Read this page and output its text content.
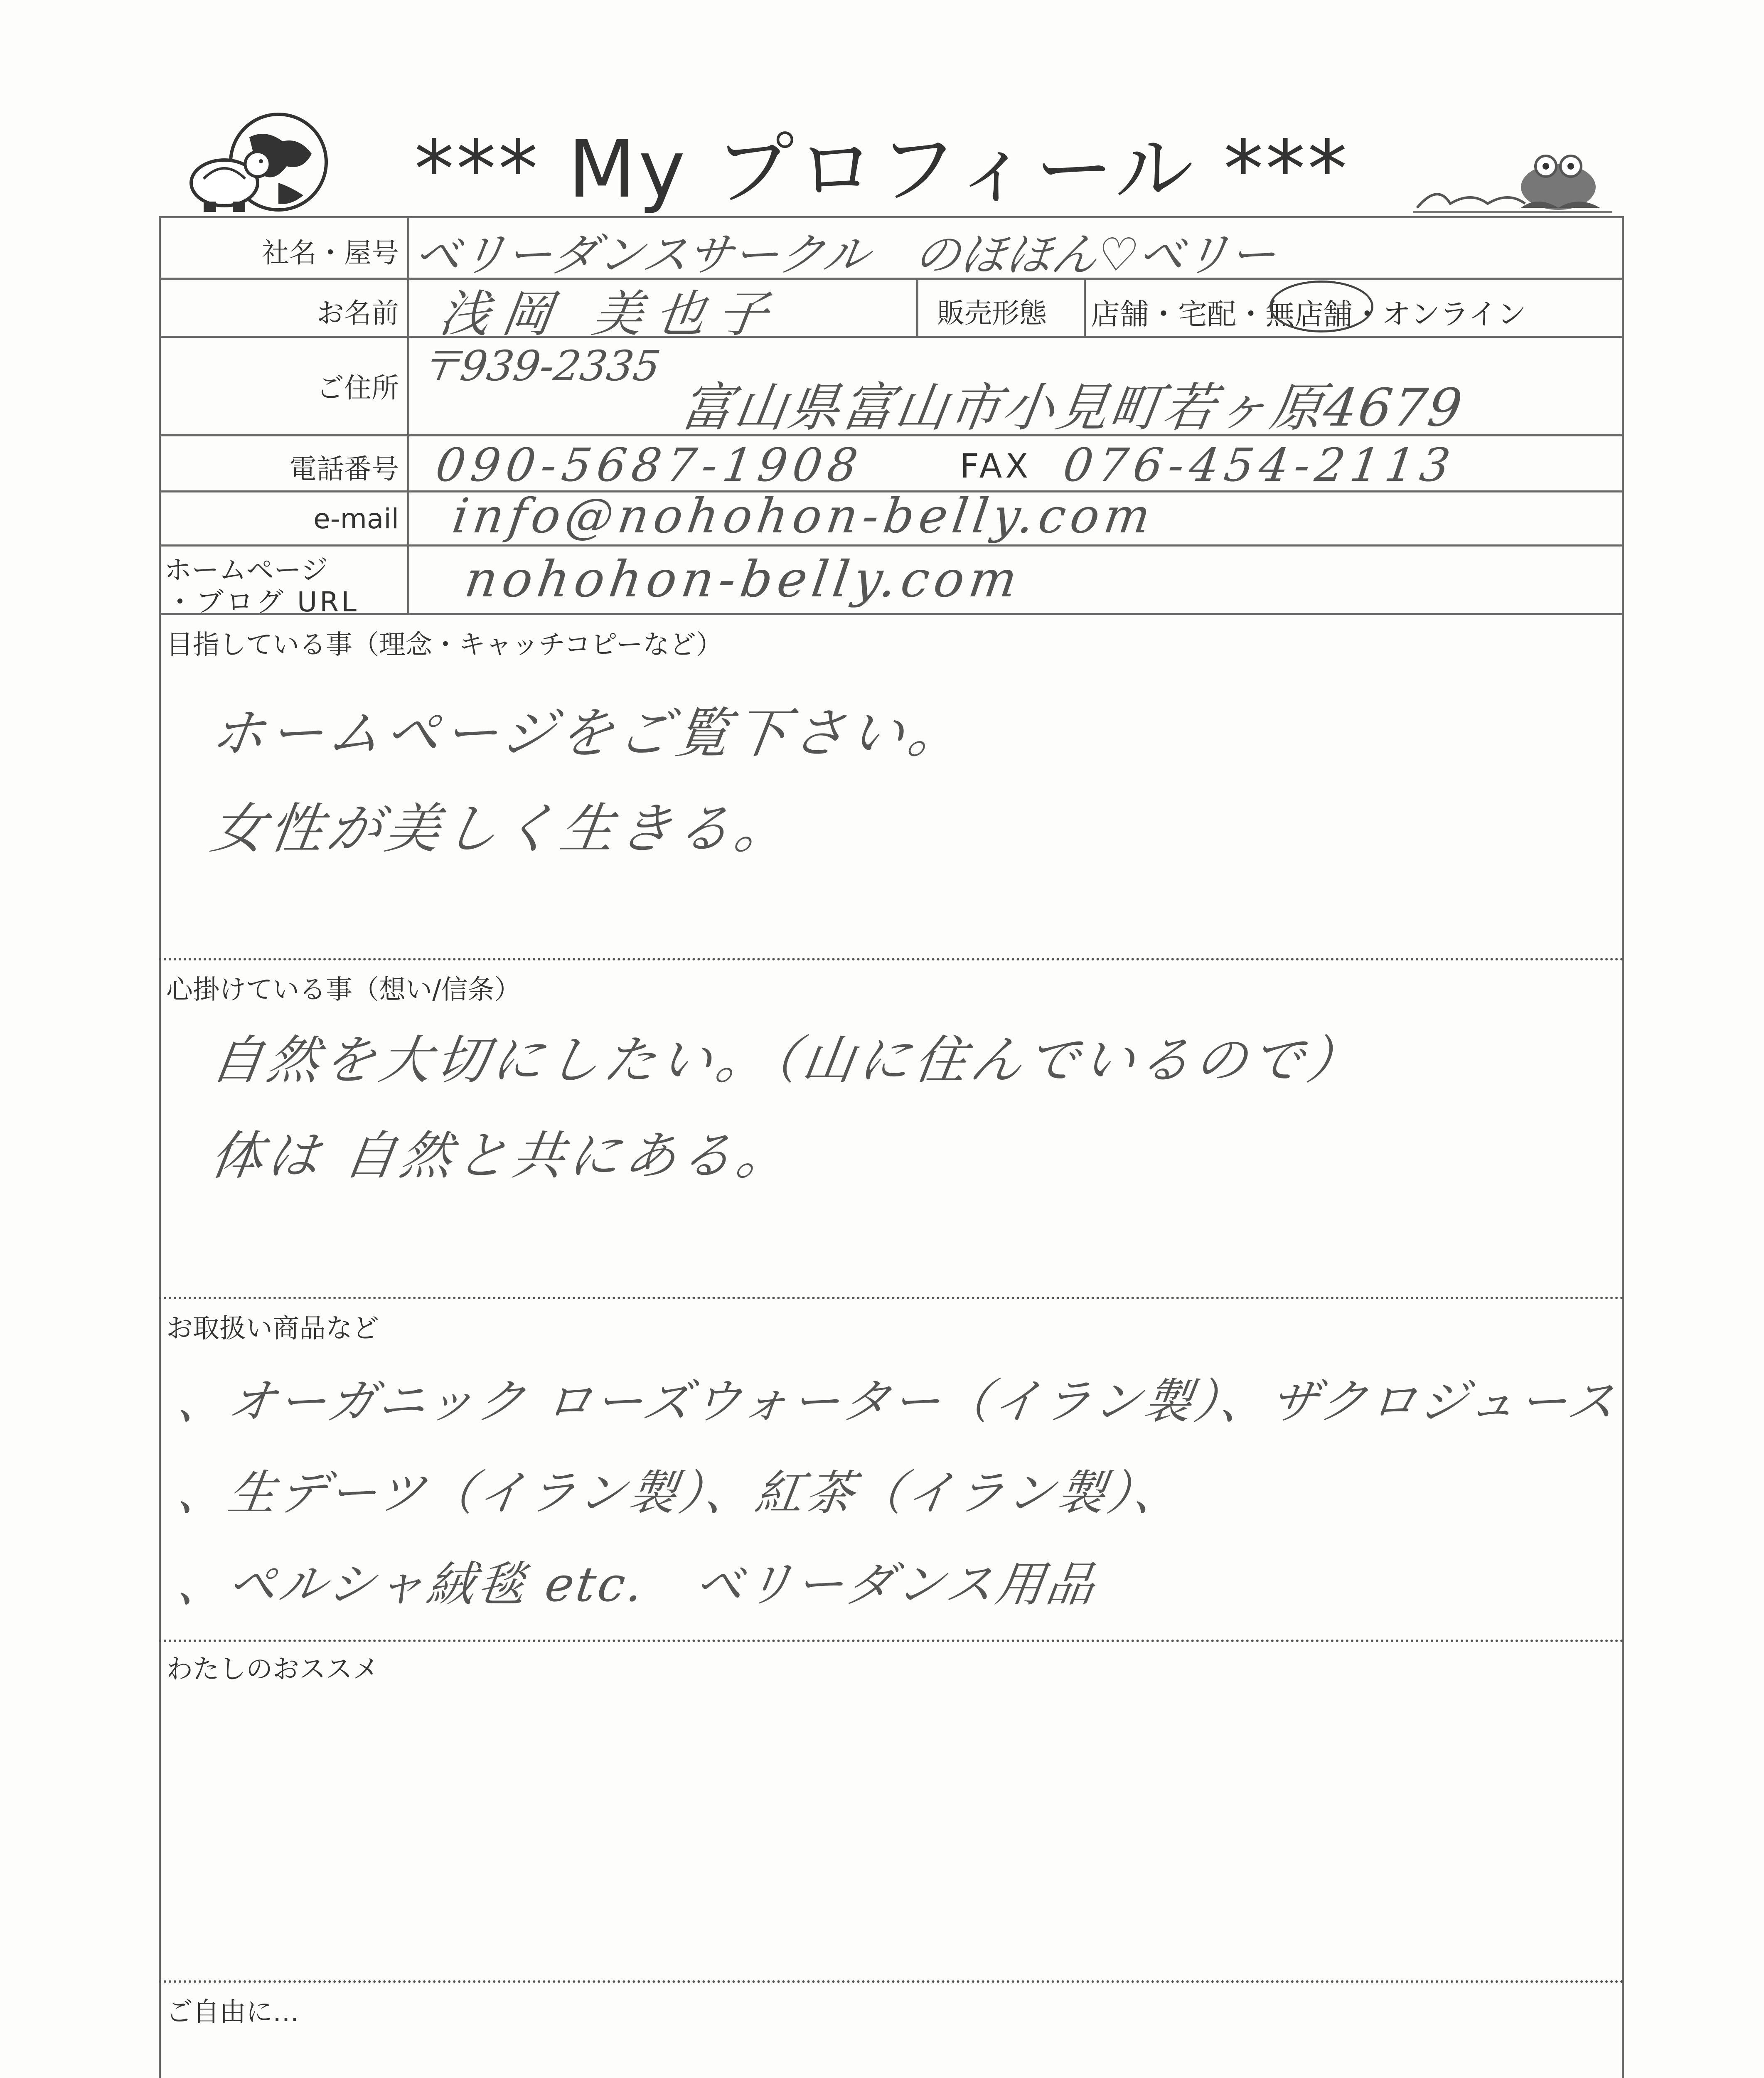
*** My プロフィール ***
社名・屋号 ベリーダンスサークル　のほほん♡ベリー
お名前 浅岡 美也子	販売形態 店舗・宅配・無店舗・オンライン
ご住所 〒939-2335
富山県富山市小見町若ヶ原4679
電話番号 090-5687-1908	FAX 076-454-2113
e-mail info@nohohon-belly.com
ホームページ
・ブログ URL nohohon-belly.com
目指している事（理念・キャッチコピーなど）
ホームページをご覧下さい。
女性が美しく生きる。
心掛けている事（想い/信条）
自然を大切にしたい。（山に住んでいるので）
体は 自然と共にある。
お取扱い商品など
、オーガニック ローズウォーター（イラン製）、ザクロジュース
、生デーツ（イラン製）、紅茶（イラン製）、
、ペルシャ絨毯 etc.　ベリーダンス用品
わたしのおススメ
ご自由に…
